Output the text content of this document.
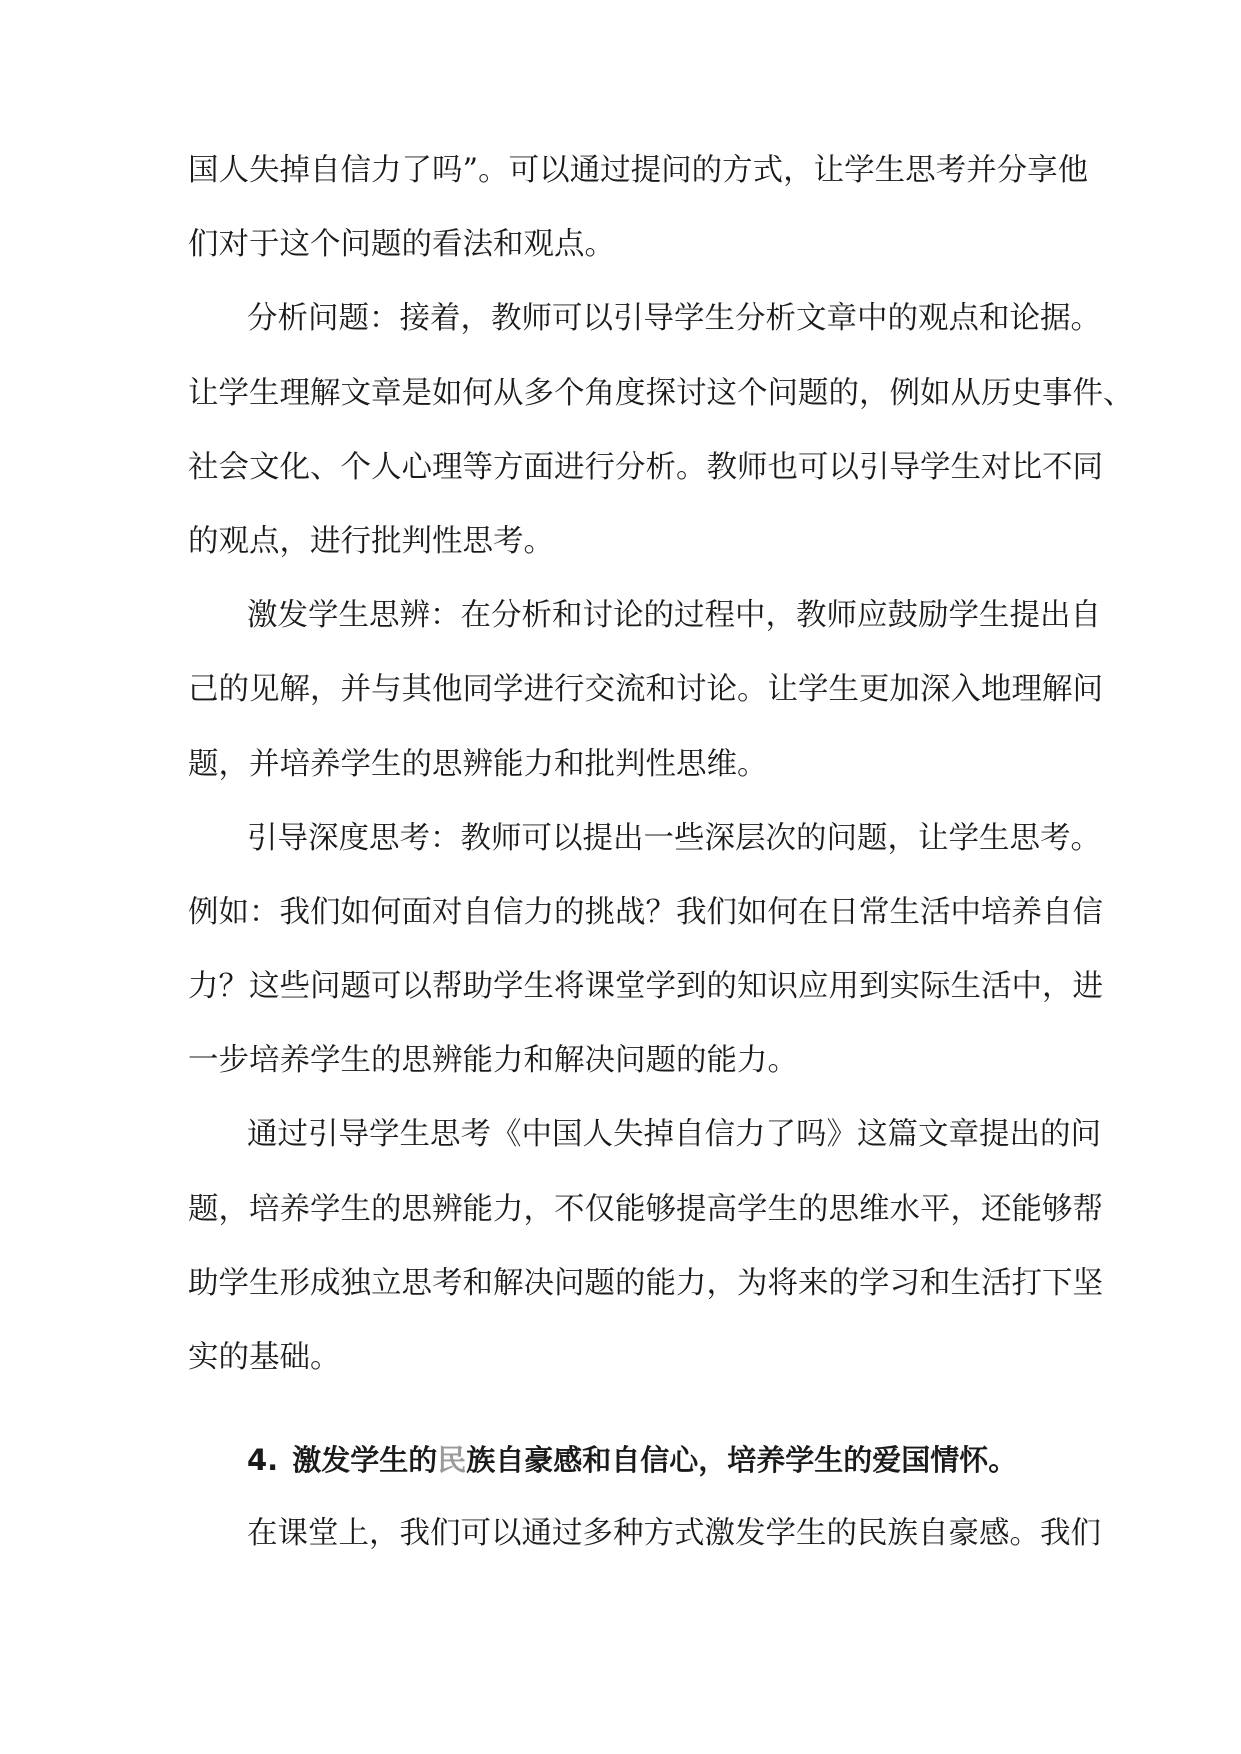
国人失掉自信力了吗”。可以通过提问的方式，让学生思考并分享他
们对于这个问题的看法和观点。
分析问题：接着，教师可以引导学生分析文章中的观点和论据。
让学生理解文章是如何从多个角度探讨这个问题的，例如从历史事件、
社会文化、个人心理等方面进行分析。教师也可以引导学生对比不同
的观点，进行批判性思考。
激发学生思辨：在分析和讨论的过程中，教师应鼓励学生提出自
己的见解，并与其他同学进行交流和讨论。让学生更加深入地理解问
题，并培养学生的思辨能力和批判性思维。
引导深度思考：教师可以提出一些深层次的问题，让学生思考。
例如：我们如何面对自信力的挑战？我们如何在日常生活中培养自信
力？这些问题可以帮助学生将课堂学到的知识应用到实际生活中，进
一步培养学生的思辨能力和解决问题的能力。
通过引导学生思考《中国人失掉自信力了吗》这篇文章提出的问
题，培养学生的思辨能力，不仅能够提高学生的思维水平，还能够帮
助学生形成独立思考和解决问题的能力，为将来的学习和生活打下坚
实的基础。
4. 激发学生的民族自豪感和自信心，培养学生的爱国情怀。
在课堂上，我们可以通过多种方式激发学生的民族自豪感。我们
